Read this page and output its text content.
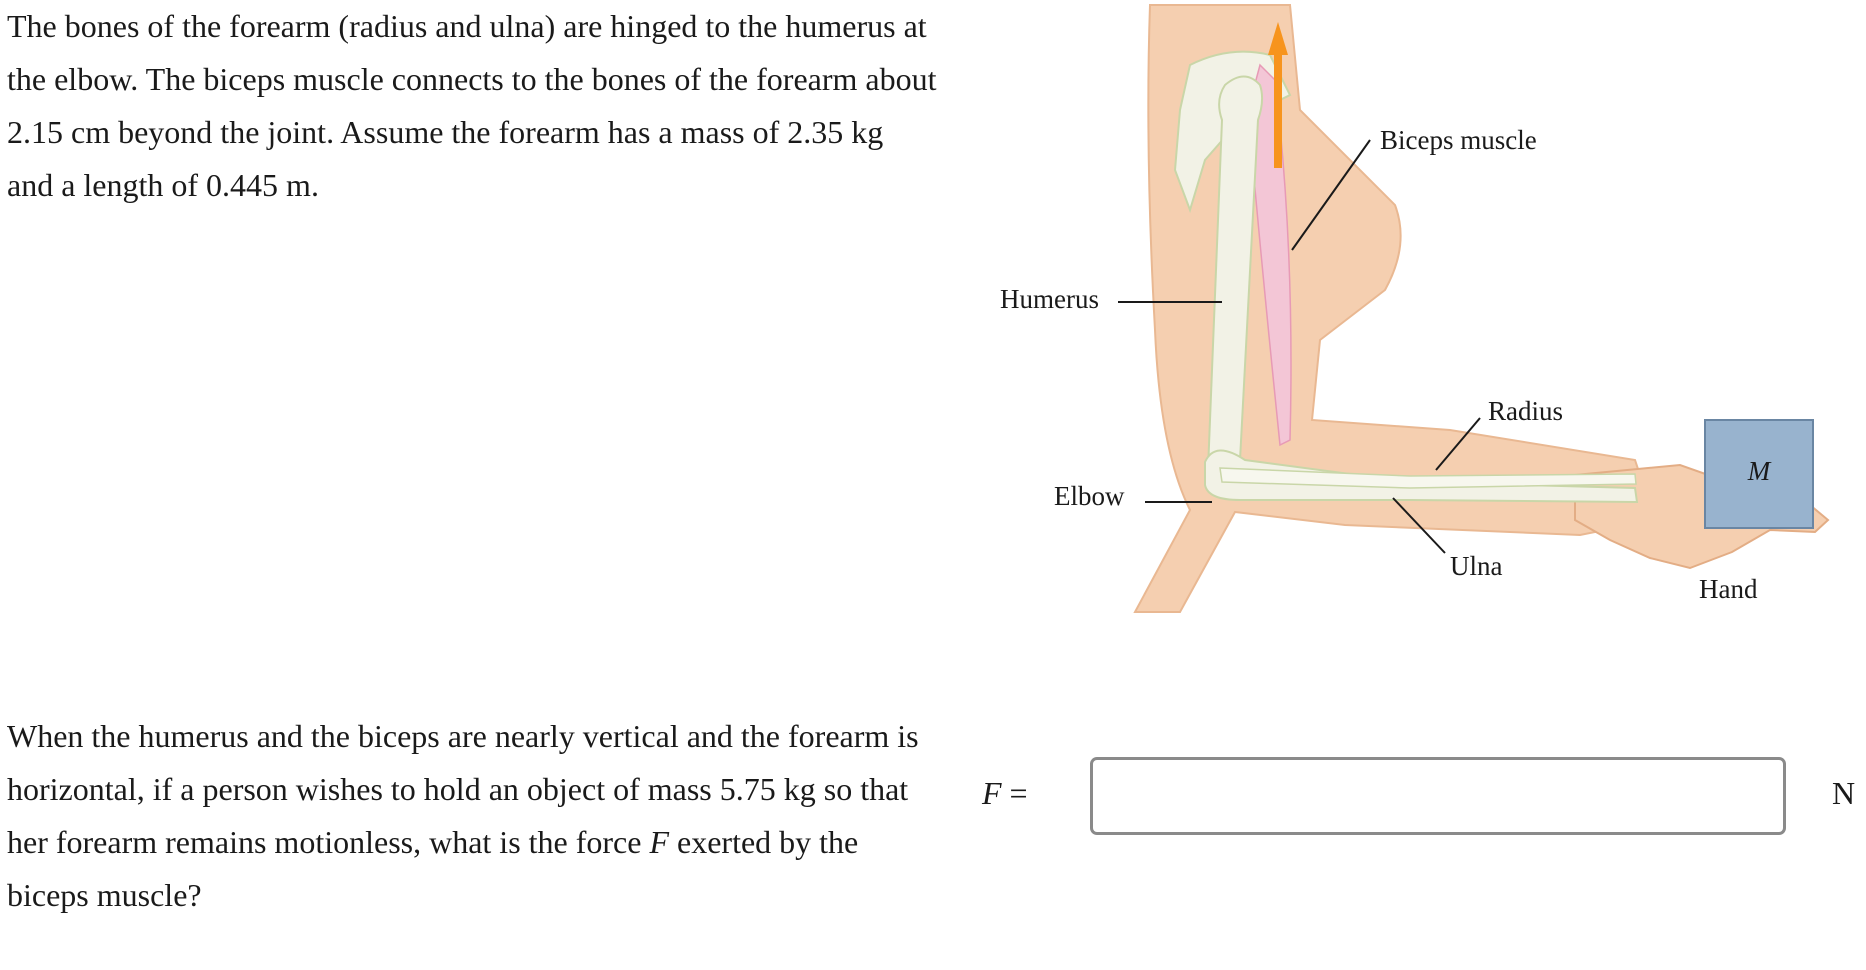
The bones of the forearm (radius and ulna) are hinged to the humerus at the elbow. The biceps muscle connects to the bones of the forearm about 2.15 cm beyond the joint. Assume the forearm has a mass of 2.35 kg and a length of 0.445 m.

M
Biceps muscle
Humerus
Radius
Elbow
Ulna
Hand

When the humerus and the biceps are nearly vertical and the forearm is horizontal, if a person wishes to hold an object of mass 5.75 kg so that her forearm remains motionless, what is the force F exerted by the biceps muscle?

F =	N
